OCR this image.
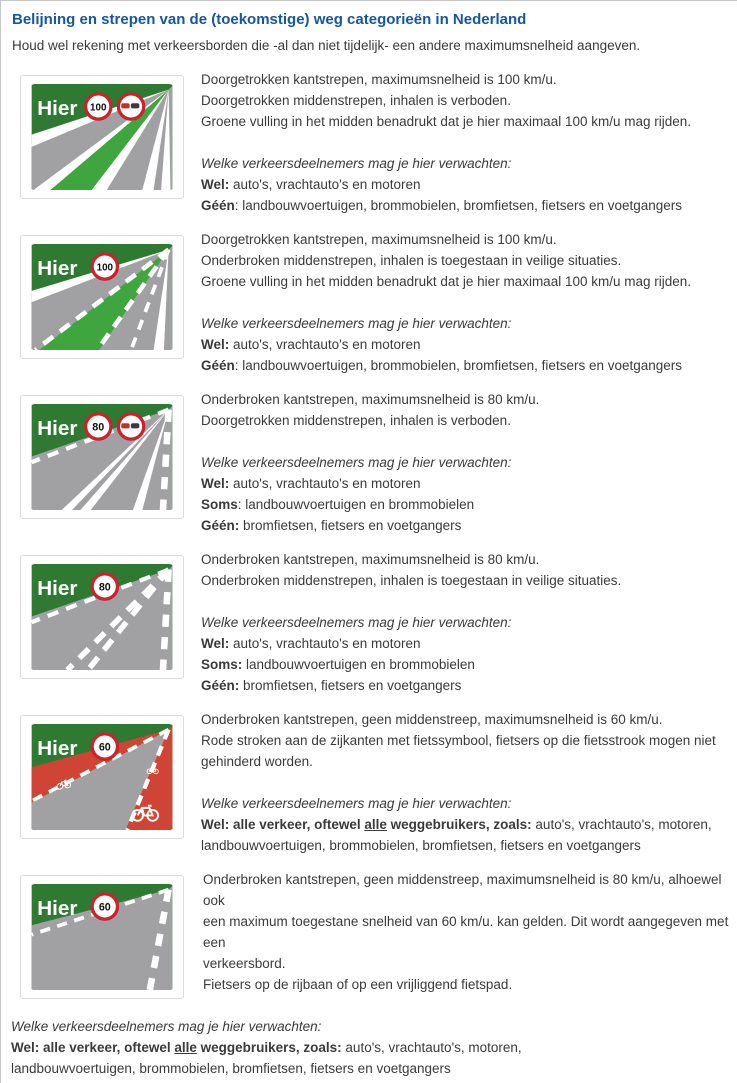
Belijning en strepen van de (toekomstige) weg categorieën in Nederland

Houd wel rekening met verkeersborden die -al dan niet tijdelijk- een andere maximumsnelheid aangeven.

Hier 100
Doorgetrokken kantstrepen, maximumsnelheid is 100 km/u.
Doorgetrokken middenstrepen, inhalen is verboden.
Groene vulling in het midden benadrukt dat je hier maximaal 100 km/u mag rijden.

Welke verkeersdeelnemers mag je hier verwachten:
Wel: auto's, vrachtauto's en motoren
Géén: landbouwvoertuigen, brommobielen, bromfietsen, fietsers en voetgangers
Hier 100
Doorgetrokken kantstrepen, maximumsnelheid is 100 km/u.
Onderbroken middenstrepen, inhalen is toegestaan in veilige situaties.
Groene vulling in het midden benadrukt dat je hier maximaal 100 km/u mag rijden.

Welke verkeersdeelnemers mag je hier verwachten:
Wel: auto's, vrachtauto's en motoren
Géén: landbouwvoertuigen, brommobielen, bromfietsen, fietsers en voetgangers
Hier 80
Onderbroken kantstrepen, maximumsnelheid is 80 km/u.
Doorgetrokken middenstrepen, inhalen is verboden.

Welke verkeersdeelnemers mag je hier verwachten:
Wel: auto's, vrachtauto's en motoren
Soms: landbouwvoertuigen en brommobielen
Géén: bromfietsen, fietsers en voetgangers
Hier 80
Onderbroken kantstrepen, maximumsnelheid is 80 km/u.
Onderbroken middenstrepen, inhalen is toegestaan in veilige situaties.

Welke verkeersdeelnemers mag je hier verwachten:
Wel: auto's, vrachtauto's en motoren
Soms: landbouwvoertuigen en brommobielen
Géén: bromfietsen, fietsers en voetgangers
Hier 60
Onderbroken kantstrepen, geen middenstreep, maximumsnelheid is 60 km/u.
Rode stroken aan de zijkanten met fietssymbool, fietsers op die fietsstrook mogen niet
gehinderd worden.

Welke verkeersdeelnemers mag je hier verwachten:
Wel: alle verkeer, oftewel alle weggebruikers, zoals: auto's, vrachtauto's, motoren,
landbouwvoertuigen, brommobielen, bromfietsen, fietsers en voetgangers
Hier 60
Onderbroken kantstrepen, geen middenstreep, maximumsnelheid is 80 km/u, alhoewel ook
een maximum toegestane snelheid van 60 km/u. kan gelden. Dit wordt aangegeven met een
verkeersbord.
Fietsers op de rijbaan of op een vrijliggend fietspad.

Welke verkeersdeelnemers mag je hier verwachten:
Wel: alle verkeer, oftewel alle weggebruikers, zoals: auto's, vrachtauto's, motoren,
landbouwvoertuigen, brommobielen, bromfietsen, fietsers en voetgangers
